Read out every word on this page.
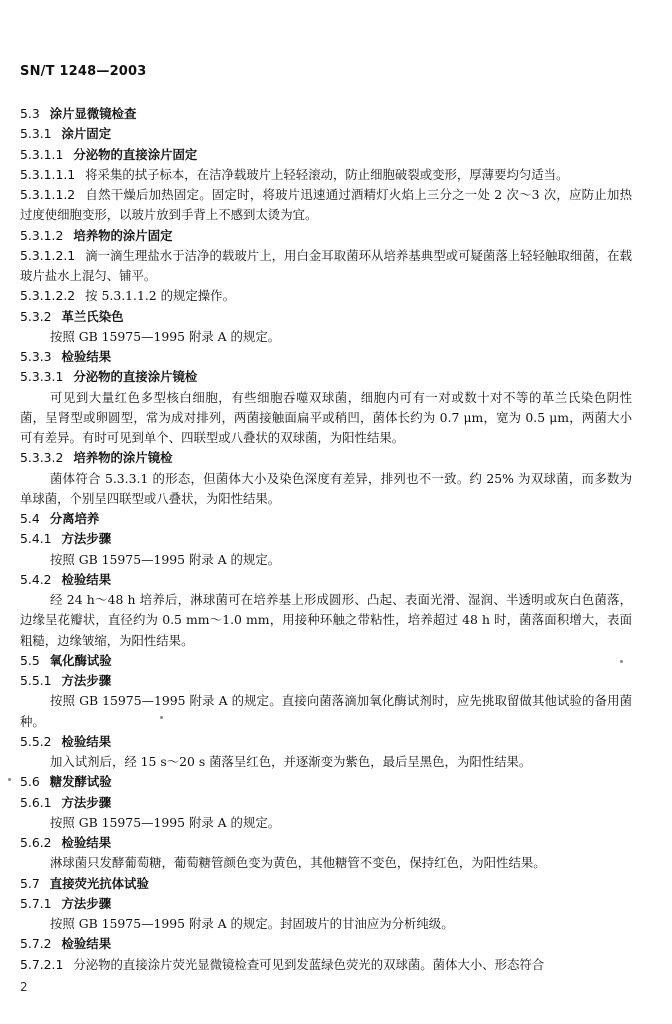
SN/T 1248—2003
5.3 涂片显微镜检查
5.3.1 涂片固定
5.3.1.1 分泌物的直接涂片固定
5.3.1.1.1 将采集的拭子标本，在洁净载玻片上轻轻滚动，防止细胞破裂或变形，厚薄要均匀适当。
5.3.1.1.2 自然干燥后加热固定。固定时，将玻片迅速通过酒精灯火焰上三分之一处 2 次～3 次，应防止加热过度使细胞变形，以玻片放到手背上不感到太烫为宜。
5.3.1.2 培养物的涂片固定
5.3.1.2.1 滴一滴生理盐水于洁净的载玻片上，用白金耳取菌环从培养基典型或可疑菌落上轻轻触取细菌，在载玻片盐水上混匀、铺平。
5.3.1.2.2 按 5.3.1.1.2 的规定操作。
5.3.2 革兰氏染色
按照 GB 15975—1995 附录 A 的规定。
5.3.3 检验结果
5.3.3.1 分泌物的直接涂片镜检
可见到大量红色多型核白细胞，有些细胞吞噬双球菌，细胞内可有一对或数十对不等的革兰氏染色阴性菌，呈肾型或卵圆型，常为成对排列，两菌接触面扁平或稍凹，菌体长约为 0.7 μm，宽为 0.5 μm，两菌大小可有差异。有时可见到单个、四联型或八叠状的双球菌，为阳性结果。
5.3.3.2 培养物的涂片镜检
菌体符合 5.3.3.1 的形态，但菌体大小及染色深度有差异，排列也不一致。约 25% 为双球菌，而多数为单球菌，个别呈四联型或八叠状，为阳性结果。
5.4 分离培养
5.4.1 方法步骤
按照 GB 15975—1995 附录 A 的规定。
5.4.2 检验结果
经 24 h～48 h 培养后，淋球菌可在培养基上形成圆形、凸起、表面光滑、湿润、半透明或灰白色菌落，边缘呈花瓣状，直径约为 0.5 mm～1.0 mm，用接种环触之带粘性，培养超过 48 h 时，菌落面积增大，表面粗糙，边缘皱缩，为阳性结果。
5.5 氧化酶试验
5.5.1 方法步骤
按照 GB 15975—1995 附录 A 的规定。直接向菌落滴加氧化酶试剂时，应先挑取留做其他试验的备用菌种。
5.5.2 检验结果
加入试剂后，经 15 s～20 s 菌落呈红色，并逐渐变为紫色，最后呈黑色，为阳性结果。
5.6 糖发酵试验
5.6.1 方法步骤
按照 GB 15975—1995 附录 A 的规定。
5.6.2 检验结果
淋球菌只发酵葡萄糖，葡萄糖管颜色变为黄色，其他糖管不变色，保持红色，为阳性结果。
5.7 直接荧光抗体试验
5.7.1 方法步骤
按照 GB 15975—1995 附录 A 的规定。封固玻片的甘油应为分析纯级。
5.7.2 检验结果
5.7.2.1 分泌物的直接涂片荧光显微镜检查可见到发蓝绿色荧光的双球菌。菌体大小、形态符合
2
